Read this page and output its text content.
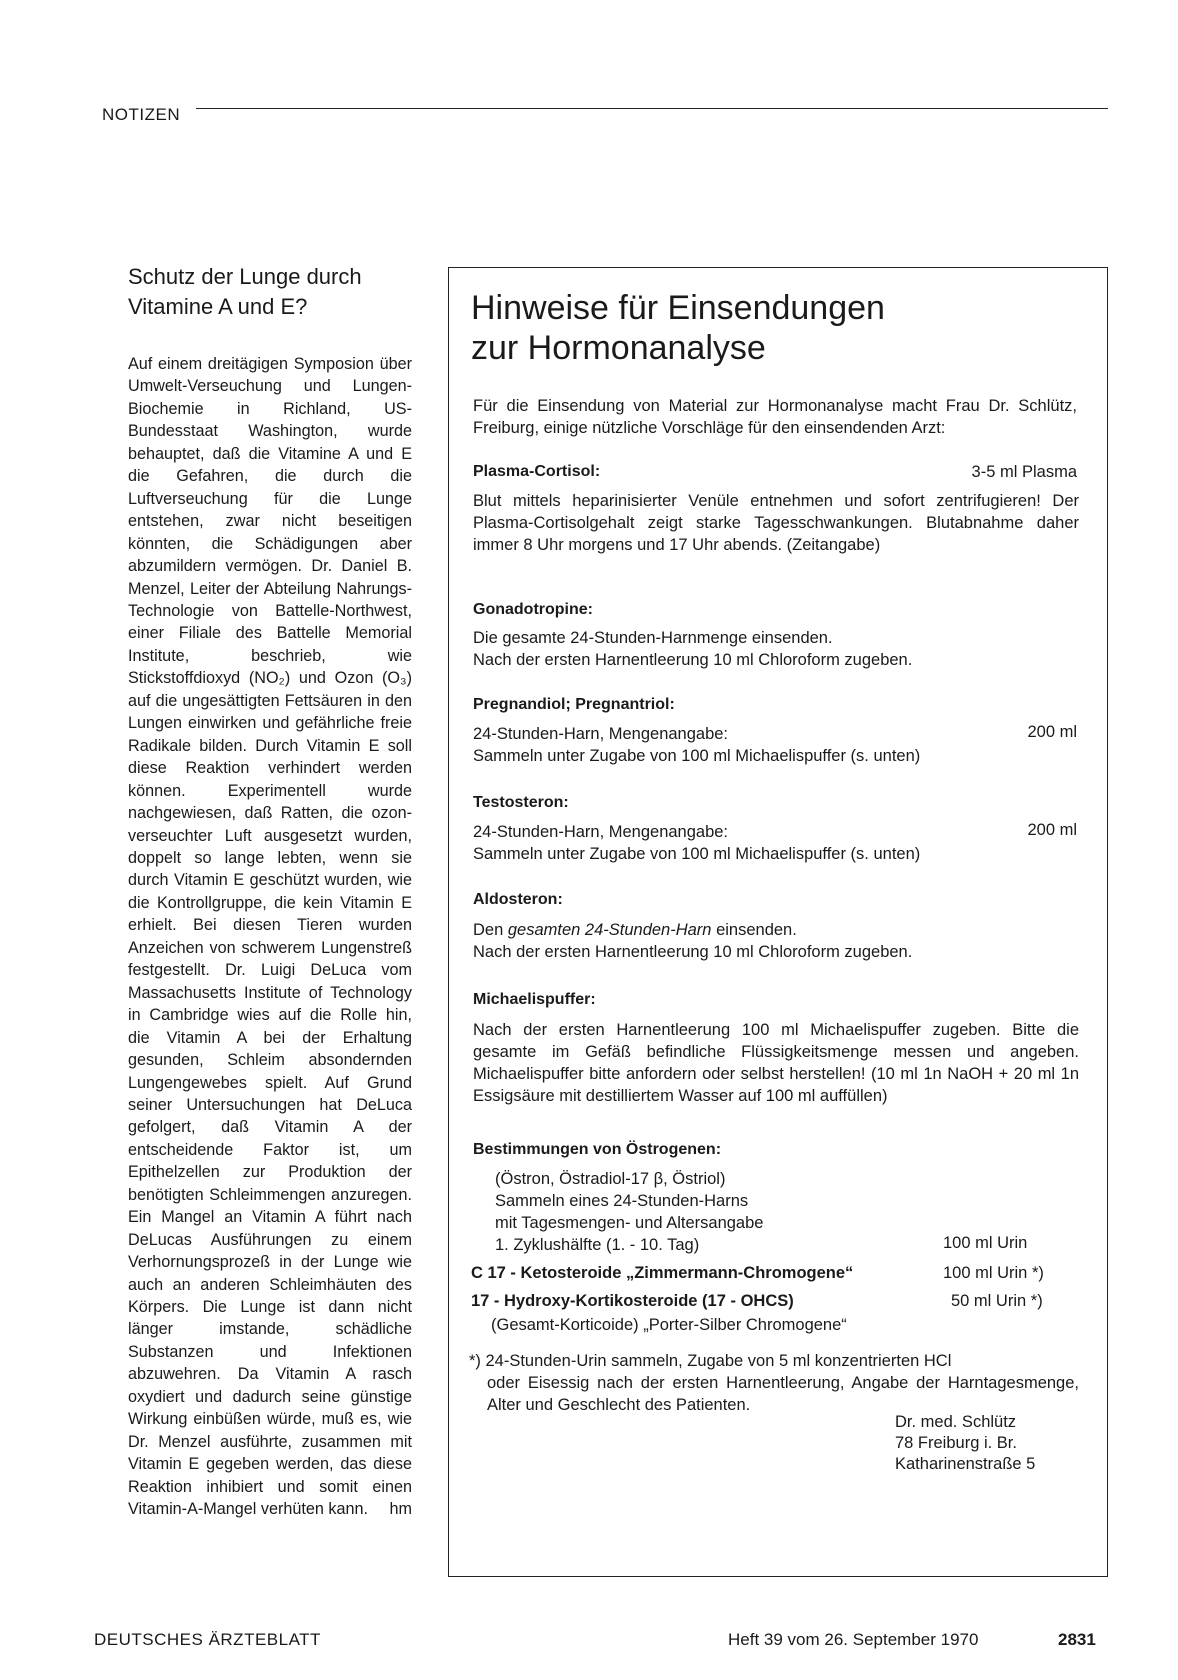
NOTIZEN
Schutz der Lunge durch
Vitamine A und E?

Auf einem dreitägigen Symposion über Umwelt-Verseuchung und Lungen-Biochemie in Richland, US-Bundesstaat Washington, wurde behauptet, daß die Vitamine A und E die Gefahren, die durch die Luftverseuchung für die Lunge entstehen, zwar nicht beseitigen könnten, die Schädigungen aber abzumildern vermögen. Dr. Daniel B. Menzel, Leiter der Abteilung Nahrungs-Technologie von Battelle-Northwest, einer Filiale des Battelle Memorial Institute, beschrieb, wie Stickstoffdioxyd (NO₂) und Ozon (O₃) auf die ungesättigten Fettsäuren in den Lungen einwirken und gefährliche freie Radikale bilden. Durch Vitamin E soll diese Reaktion verhindert werden können. Experimentell wurde nachgewiesen, daß Ratten, die ozon-verseuchter Luft ausgesetzt wurden, doppelt so lange lebten, wenn sie durch Vitamin E geschützt wurden, wie die Kontrollgruppe, die kein Vitamin E erhielt. Bei diesen Tieren wurden Anzeichen von schwerem Lungenstreß festgestellt. Dr. Luigi DeLuca vom Massachusetts Institute of Technology in Cambridge wies auf die Rolle hin, die Vitamin A bei der Erhaltung gesunden, Schleim absondernden Lungengewebes spielt. Auf Grund seiner Untersuchungen hat DeLuca gefolgert, daß Vitamin A der entscheidende Faktor ist, um Epithelzellen zur Produktion der benötigten Schleimmengen anzuregen. Ein Mangel an Vitamin A führt nach DeLucas Ausführungen zu einem Verhornungsprozeß in der Lunge wie auch an anderen Schleimhäuten des Körpers. Die Lunge ist dann nicht länger imstande, schädliche Substanzen und Infektionen abzuwehren. Da Vitamin A rasch oxydiert und dadurch seine günstige Wirkung einbüßen würde, muß es, wie Dr. Menzel ausführte, zusammen mit Vitamin E gegeben werden, das diese Reaktion inhibiert und somit einen Vitamin-A-Mangel verhüten kann. hm

Hinweise für Einsendungen
zur Hormonanalyse

Für die Einsendung von Material zur Hormonanalyse macht Frau Dr. Schlütz, Freiburg, einige nützliche Vorschläge für den einsendenden Arzt:

Plasma-Cortisol:	3-5 ml Plasma

Blut mittels heparinisierter Venüle entnehmen und sofort zentrifugieren! Der Plasma-Cortisolgehalt zeigt starke Tagesschwankungen. Blutabnahme daher immer 8 Uhr morgens und 17 Uhr abends. (Zeitangabe)

Gonadotropine:

Die gesamte 24-Stunden-Harnmenge einsenden.
Nach der ersten Harnentleerung 10 ml Chloroform zugeben.

Pregnandiol; Pregnantriol:

24-Stunden-Harn, Mengenangabe:
Sammeln unter Zugabe von 100 ml Michaelispuffer (s. unten)

200 ml

Testosteron:

24-Stunden-Harn, Mengenangabe:
Sammeln unter Zugabe von 100 ml Michaelispuffer (s. unten)

200 ml

Aldosteron:

Den gesamten 24-Stunden-Harn einsenden.
Nach der ersten Harnentleerung 10 ml Chloroform zugeben.

Michaelispuffer:

Nach der ersten Harnentleerung 100 ml Michaelispuffer zugeben. Bitte die gesamte im Gefäß befindliche Flüssigkeitsmenge messen und angeben. Michaelispuffer bitte anfordern oder selbst herstellen! (10 ml 1n NaOH + 20 ml 1n Essigsäure mit destilliertem Wasser auf 100 ml auffüllen)

Bestimmungen von Östrogenen:

(Östron, Östradiol-17 β, Östriol)
Sammeln eines 24-Stunden-Harns
mit Tagesmengen- und Altersangabe
1. Zyklushälfte (1. - 10. Tag)	100 ml Urin
C 17 - Ketosteroide „Zimmermann-Chromogene“	100 ml Urin *)
17 - Hydroxy-Kortikosteroide (17 - OHCS)	50 ml Urin *)
(Gesamt-Korticoide) „Porter-Silber Chromogene“

*) 24-Stunden-Urin sammeln, Zugabe von 5 ml konzentrierten HCl
oder Eisessig nach der ersten Harnentleerung, Angabe der Harntagesmenge, Alter und Geschlecht des Patienten.

Dr. med. Schlütz
78 Freiburg i. Br.
Katharinenstraße 5
DEUTSCHES ÄRZTEBLATT	Heft 39 vom 26. September 1970	2831
